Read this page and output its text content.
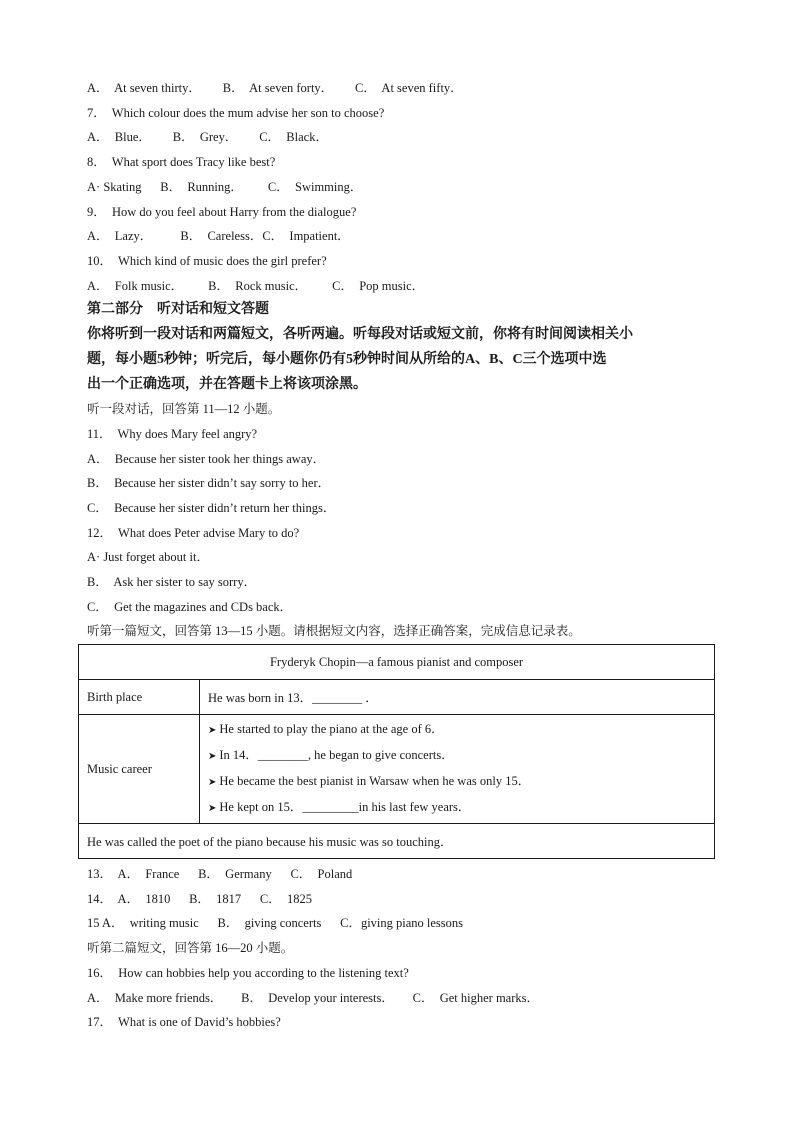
A．  At seven thirty．       B．  At seven forty．       C．  At seven fifty．
7．  Which colour does the mum advise her son to choose?
A．  Blue．       B．  Grey．       C．  Black．
8．  What sport does Tracy like best?
A· Skating      B．  Running．        C．  Swimming．
9．  How do you feel about Harry from the dialogue?
A．  Lazy．         B．  Careless．C．  Impatient．
10．  Which kind of music does the girl prefer?
A．  Folk music．        B．  Rock music．        C．  Pop music．
第二部分    听对话和短文答题
你将听到一段对话和两篇短文，各听两遍。听每段对话或短文前，你将有时间阅读相关小
题，每小题5秒钟；听完后，每小题你仍有5秒钟时间从所给的A、B、C三个选项中选
出一个正确选项，并在答题卡上将该项涂黑。
听一段对话，回答第 11—12 小题。
11．  Why does Mary feel angry?
A．  Because her sister took her things away．
B．  Because her sister didn’t say sorry to her．
C．  Because her sister didn’t return her things．
12．  What does Peter advise Mary to do?
A· Just forget about it．
B．  Ask her sister to say sorry．
C．  Get the magazines and CDs back．
听第一篇短文，回答第 13—15 小题。请根据短文内容，选择正确答案，完成信息记录表。
Fryderyk Chopin—a famous pianist and composer	
Birth place	He was born in 13．________ ．
Music career	➤ He started to play the piano at the age of 6．
➤ In 14．________, he began to give concerts．
➤ He became the best pianist in Warsaw when he was only 15．
➤ He kept on 15．_________in his last few years．

He was called the poet of the piano because his music was so touching．	
13．  A．  France      B．  Germany      C．  Poland
14．  A．  1810      B．  1817      C．  1825
15 A．  writing music      B．  giving concerts      C．giving piano lessons
听第二篇短文，回答第 16—20 小题。
16．  How can hobbies help you according to the listening text?
A．  Make more friends．      B．  Develop your interests．      C．  Get higher marks．
17．  What is one of David’s hobbies?
